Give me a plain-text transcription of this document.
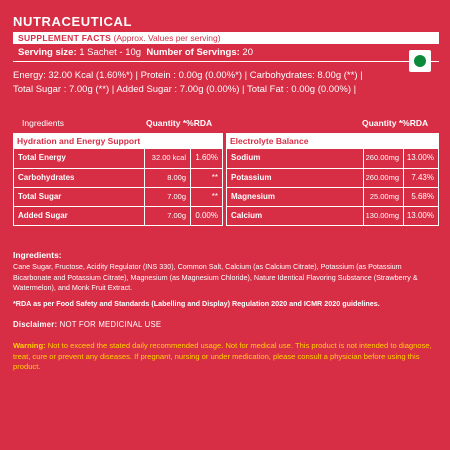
NUTRACEUTICAL
SUPPLEMENT FACTS (Approx. Values per serving)
Serving size: 1 Sachet - 10g Number of Servings: 20
Energy: 32.00 Kcal (1.60%*) | Protein : 0.00g (0.00%*) | Carbohydrates: 8.00g (**) |
Total Sugar : 7.00g (**) | Added Sugar : 7.00g (0.00%) | Total Fat : 0.00g (0.00%) |
Ingredients	Quantity *%RDA	Quantity *%RDA
Hydration and Energy Support
Total Energy	32.00 kcal	1.60%
Carbohydrates	8.00g	**
Total Sugar	7.00g	**
Added Sugar	7.00g	0.00%
Electrolyte Balance
Sodium	260.00mg 13.00%
Potassium	260.00mg	7.43%
Magnesium	25.00mg	5.68%
Calcium	130.00mg 13.00%
Ingredients:
Cane Sugar, Fructose, Acidity Regulator (INS 330), Common Salt, Calcium (as Calcium Citrate), Potassium (as Potassium Bicarbonate and Potassium Citrate), Magnesium (as Magnesium Chloride), Nature Identical Flavoring Substance (Strawberry & Watermelon), and Monk Fruit Extract.
*RDA as per Food Safety and Standards (Labelling and Display) Regulation 2020 and ICMR 2020 guidelines.
Disclaimer: NOT FOR MEDICINAL USE
Warning: Not to exceed the stated daily recommended usage. Not for medical use. This product is not intended to diagnose, treat, cure or prevent any diseases. If pregnant, nursing or under medication, please consult a physician before using this product.
